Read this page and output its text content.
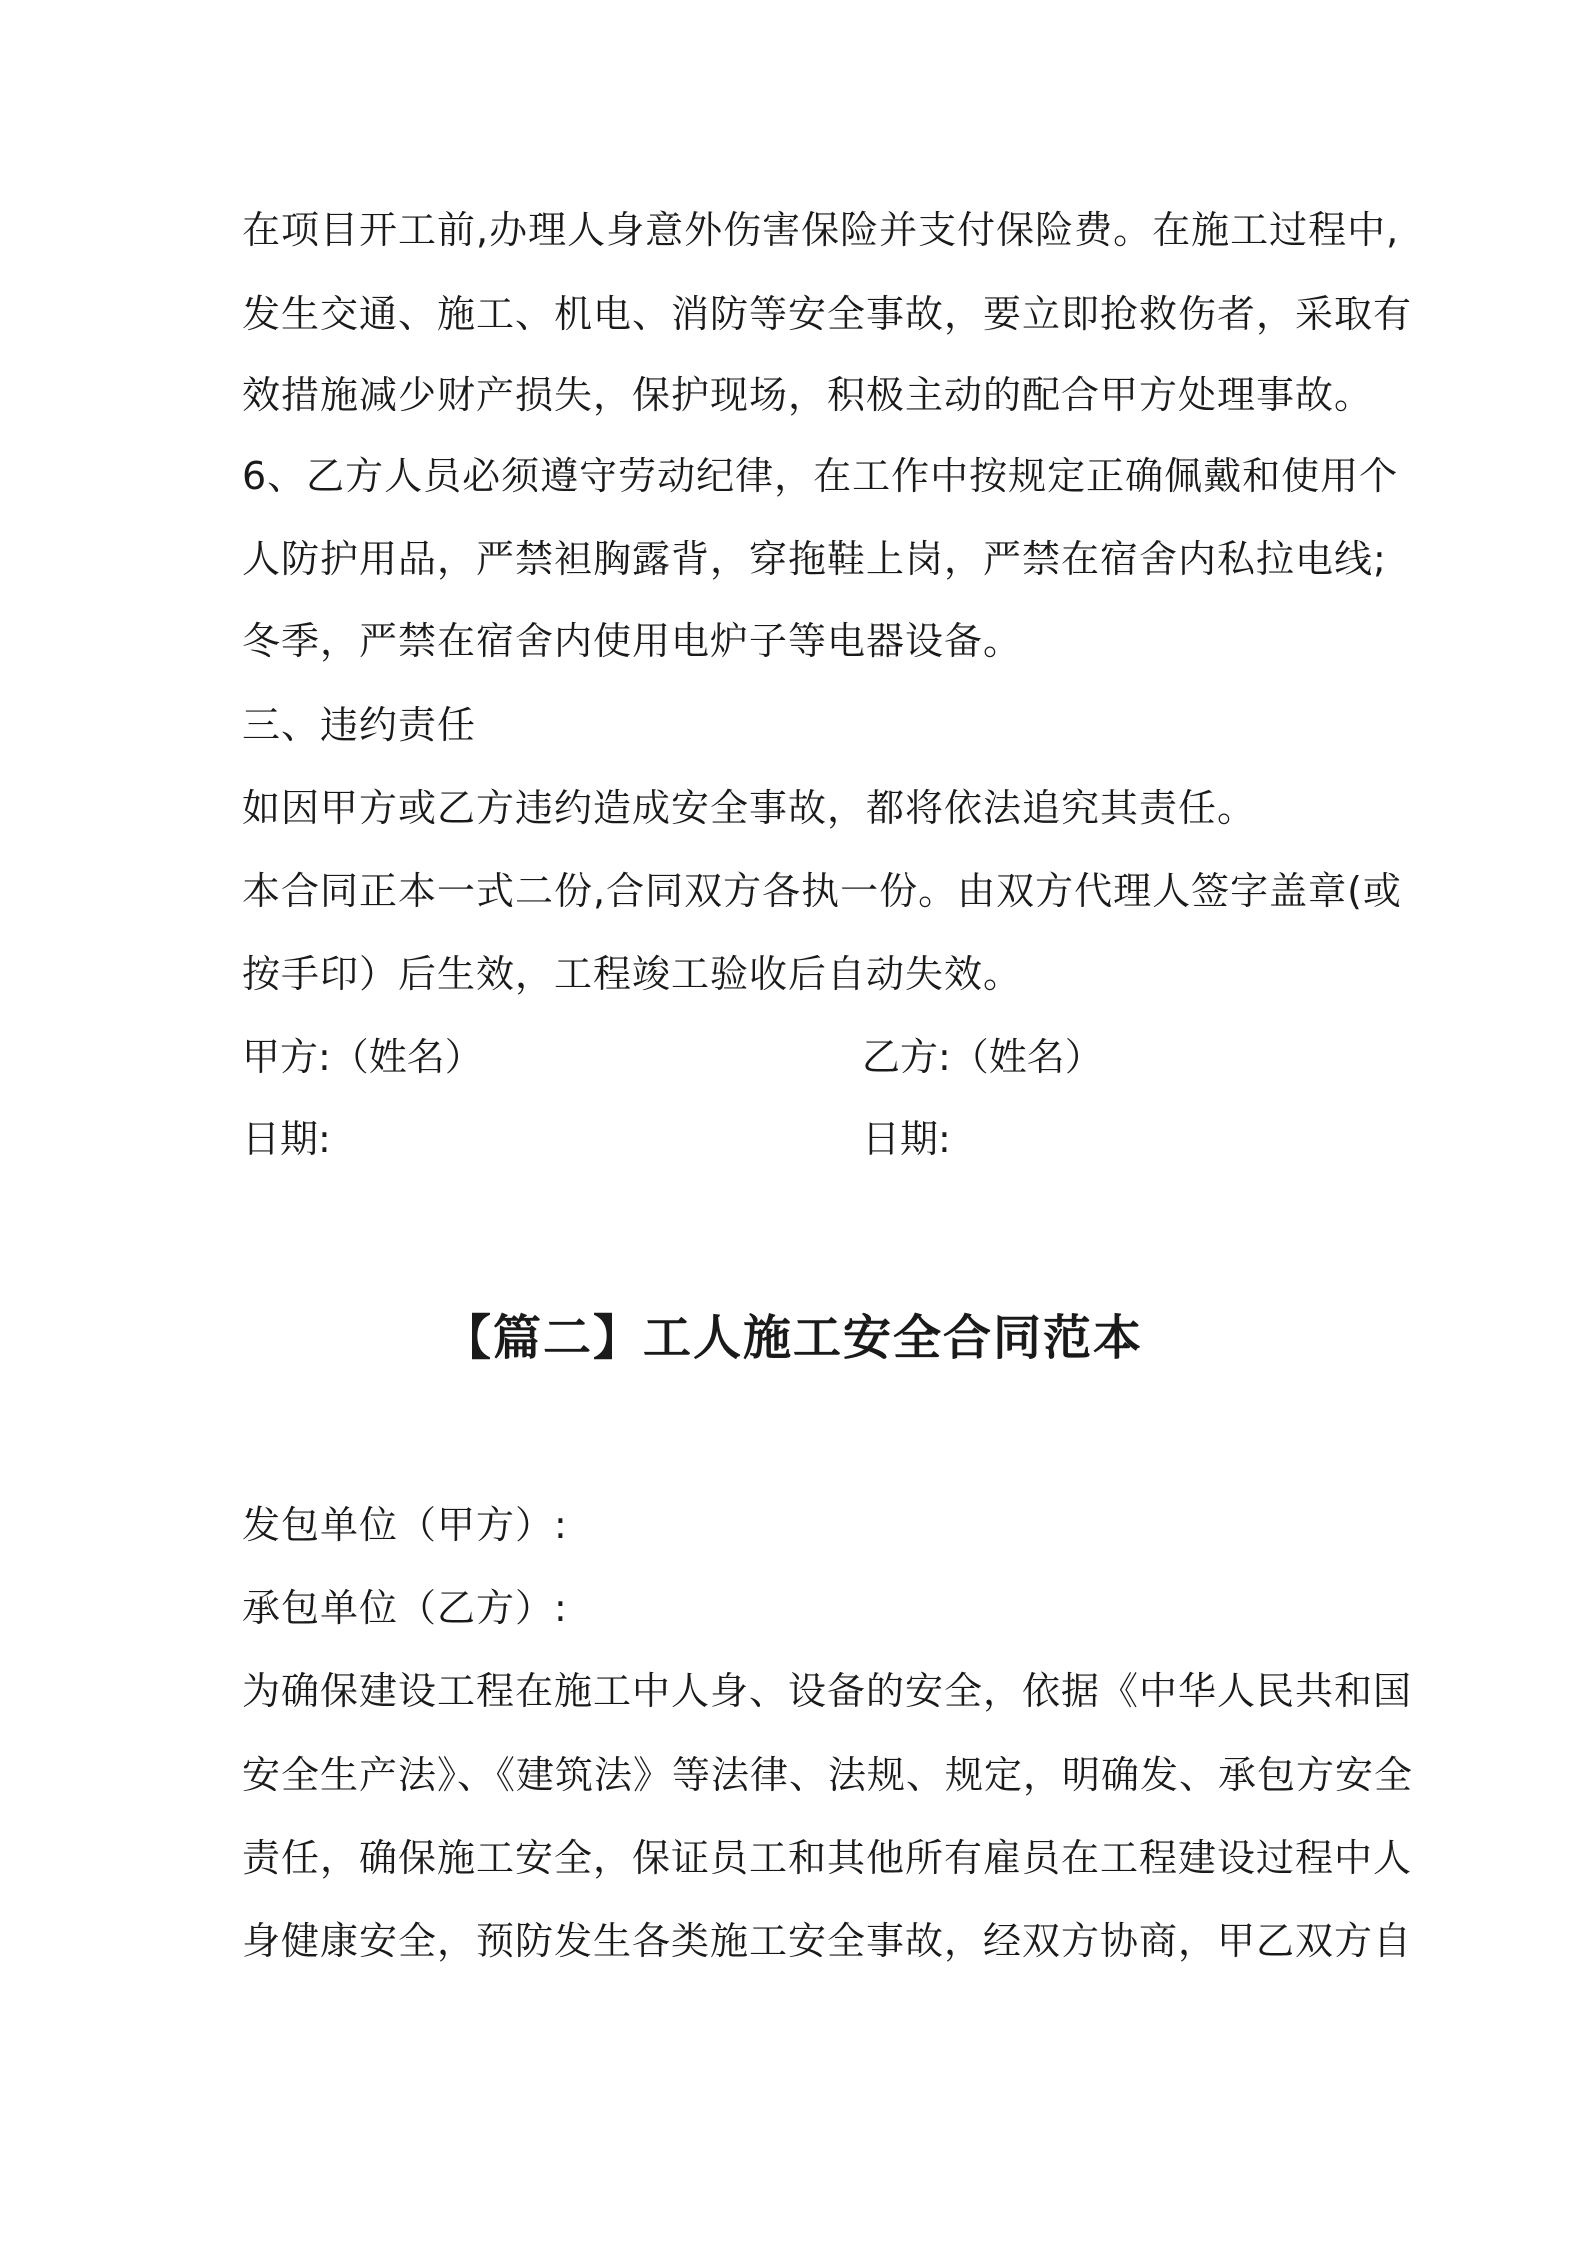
在项目开工前,办理人身意外伤害保险并支付保险费。在施工过程中,
发生交通、施工、机电、消防等安全事故，要立即抢救伤者，采取有
效措施减少财产损失，保护现场，积极主动的配合甲方处理事故。
6、乙方人员必须遵守劳动纪律，在工作中按规定正确佩戴和使用个
人防护用品，严禁袒胸露背，穿拖鞋上岗，严禁在宿舍内私拉电线;
冬季，严禁在宿舍内使用电炉子等电器设备。
三、违约责任
如因甲方或乙方违约造成安全事故，都将依法追究其责任。
本合同正本一式二份,合同双方各执一份。由双方代理人签字盖章(或
按手印）后生效，工程竣工验收后自动失效。
甲方:（姓名）	乙方:（姓名）
日期:	日期:
【篇二】工人施工安全合同范本
发包单位（甲方）:
承包单位（乙方）:
为确保建设工程在施工中人身、设备的安全，依据《中华人民共和国
安全生产法》、《建筑法》等法律、法规、规定，明确发、承包方安全
责任，确保施工安全，保证员工和其他所有雇员在工程建设过程中人
身健康安全，预防发生各类施工安全事故，经双方协商，甲乙双方自
